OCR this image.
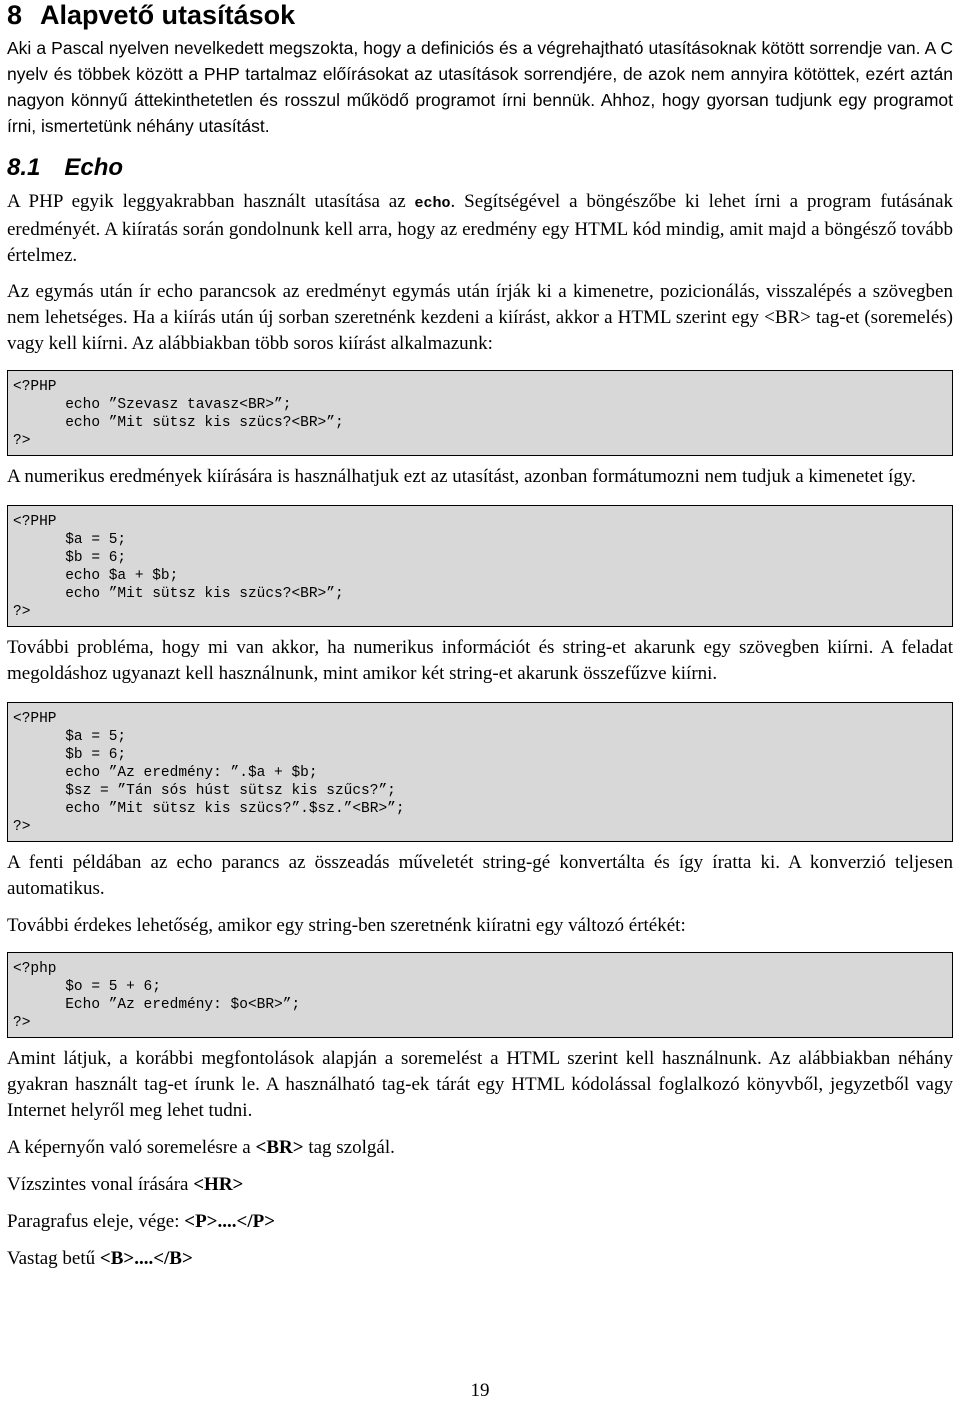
8 Alapvető utasítások

Aki a Pascal nyelven nevelkedett megszokta, hogy a definiciós és a végrehajtható utasításoknak kötött sorrendje van. A C nyelv és többek között a PHP tartalmaz előírásokat az utasítások sorrendjére, de azok nem annyira kötöttek, ezért aztán nagyon könnyű áttekinthetetlen és rosszul működő programot írni bennük. Ahhoz, hogy gyorsan tudjunk egy programot írni, ismertetünk néhány utasítást.

8.1 Echo

A PHP egyik leggyakrabban használt utasítása az echo. Segítségével a böngészőbe ki lehet írni a program futásának eredményét. A kiíratás során gondolnunk kell arra, hogy az eredmény egy HTML kód mindig, amit majd a böngésző tovább értelmez.

Az egymás után ír echo parancsok az eredményt egymás után írják ki a kimenetre, pozicionálás, visszalépés a szövegben nem lehetséges. Ha a kiírás után új sorban szeretnénk kezdeni a kiírást, akkor a HTML szerint egy <BR> tag-et (soremelés) vagy kell kiírni. Az alábbiakban több soros kiírást alkalmazunk:

<?PHP
echo ”Szevasz tavasz<BR>”;
echo ”Mit sütsz kis szücs?<BR>”;
?>

A numerikus eredmények kiírására is használhatjuk ezt az utasítást, azonban formátumozni nem tudjuk a kimenetet így.

<?PHP
$a = 5;
$b = 6;
echo $a + $b;
echo ”Mit sütsz kis szücs?<BR>”;
?>

További probléma, hogy mi van akkor, ha numerikus információt és string-et akarunk egy szövegben kiírni. A feladat megoldáshoz ugyanazt kell használnunk, mint amikor két string-et akarunk összefűzve kiírni.

<?PHP
$a = 5;
$b = 6;
echo ”Az eredmény: ”.$a + $b;
$sz = ”Tán sós húst sütsz kis szűcs?”;
echo ”Mit sütsz kis szücs?”.$sz.”<BR>”;
?>

A fenti példában az echo parancs az összeadás műveletét string-gé konvertálta és így íratta ki. A konverzió teljesen automatikus.

További érdekes lehetőség, amikor egy string-ben szeretnénk kiíratni egy változó értékét:

<?php
$o = 5 + 6;
Echo ”Az eredmény: $o<BR>”;
?>

Amint látjuk, a korábbi megfontolások alapján a soremelést a HTML szerint kell használnunk. Az alábbiakban néhány gyakran használt tag-et írunk le. A használható tag-ek tárát egy HTML kódolással foglalkozó könyvből, jegyzetből vagy Internet helyről meg lehet tudni.

A képernyőn való soremelésre a <BR> tag szolgál.

Vízszintes vonal írására <HR>

Paragrafus eleje, vége: <P>....</P>

Vastag betű <B>....</B>

19
